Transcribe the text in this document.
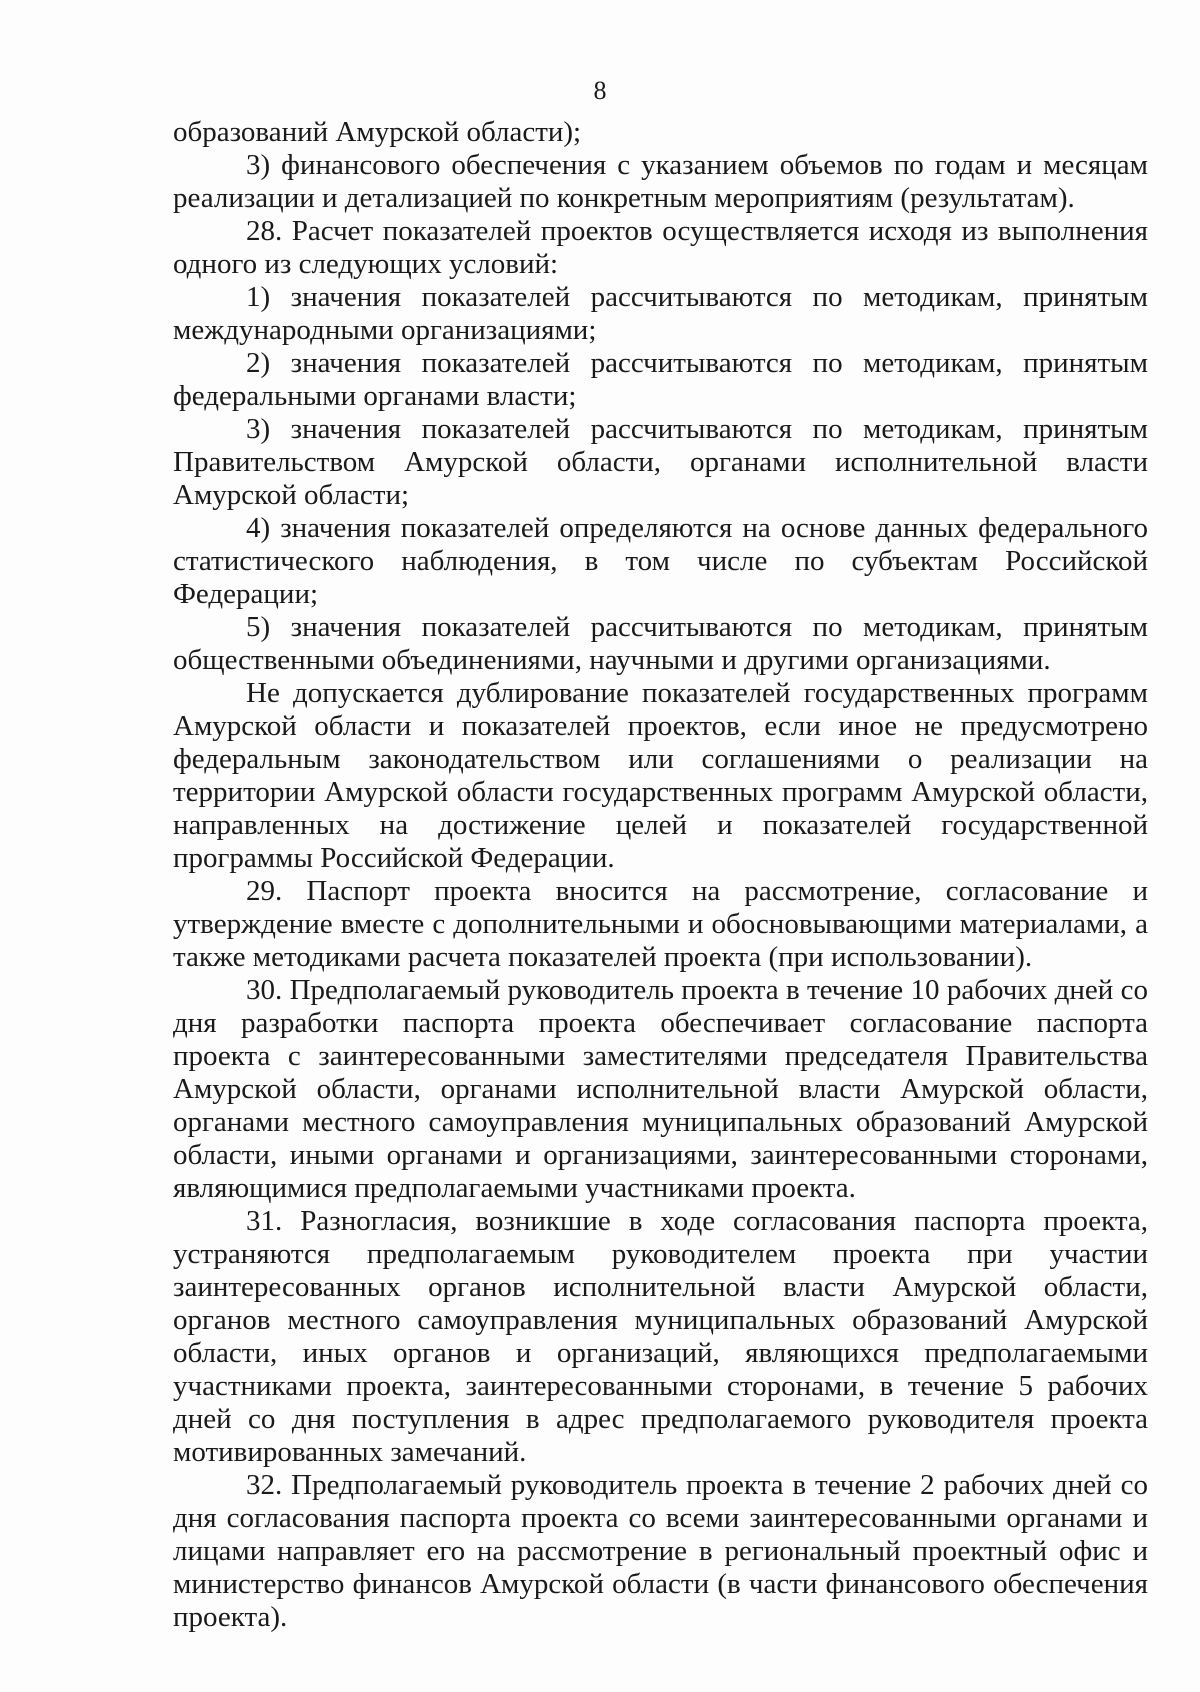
8

образований Амурской области);

3) финансового обеспечения с указанием объемов по годам и месяцам реализации и детализацией по конкретным мероприятиям (результатам).

28. Расчет показателей проектов осуществляется исходя из выполнения одного из следующих условий:

1) значения показателей рассчитываются по методикам, принятым международными организациями;

2) значения показателей рассчитываются по методикам, принятым федеральными органами власти;

3) значения показателей рассчитываются по методикам, принятым Правительством Амурской области, органами исполнительной власти Амурской области;

4) значения показателей определяются на основе данных федерального статистического наблюдения, в том числе по субъектам Российской Федерации;

5) значения показателей рассчитываются по методикам, принятым общественными объединениями, научными и другими организациями.

Не допускается дублирование показателей государственных программ Амурской области и показателей проектов, если иное не предусмотрено федеральным законодательством или соглашениями о реализации на территории Амурской области государственных программ Амурской области, направленных на достижение целей и показателей государственной программы Российской Федерации.

29. Паспорт проекта вносится на рассмотрение, согласование и утверждение вместе с дополнительными и обосновывающими материалами, а также методиками расчета показателей проекта (при использовании).

30. Предполагаемый руководитель проекта в течение 10 рабочих дней со дня разработки паспорта проекта обеспечивает согласование паспорта проекта с заинтересованными заместителями председателя Правительства Амурской области, органами исполнительной власти Амурской области, органами местного самоуправления муниципальных образований Амурской области, иными органами и организациями, заинтересованными сторонами, являющимися предполагаемыми участниками проекта.

31. Разногласия, возникшие в ходе согласования паспорта проекта, устраняются предполагаемым руководителем проекта при участии заинтересованных органов исполнительной власти Амурской области, органов местного самоуправления муниципальных образований Амурской области, иных органов и организаций, являющихся предполагаемыми участниками проекта, заинтересованными сторонами, в течение 5 рабочих дней со дня поступления в адрес предполагаемого руководителя проекта мотивированных замечаний.

32. Предполагаемый руководитель проекта в течение 2 рабочих дней со дня согласования паспорта проекта со всеми заинтересованными органами и лицами направляет его на рассмотрение в региональный проектный офис и министерство финансов Амурской области (в части финансового обеспечения проекта).
